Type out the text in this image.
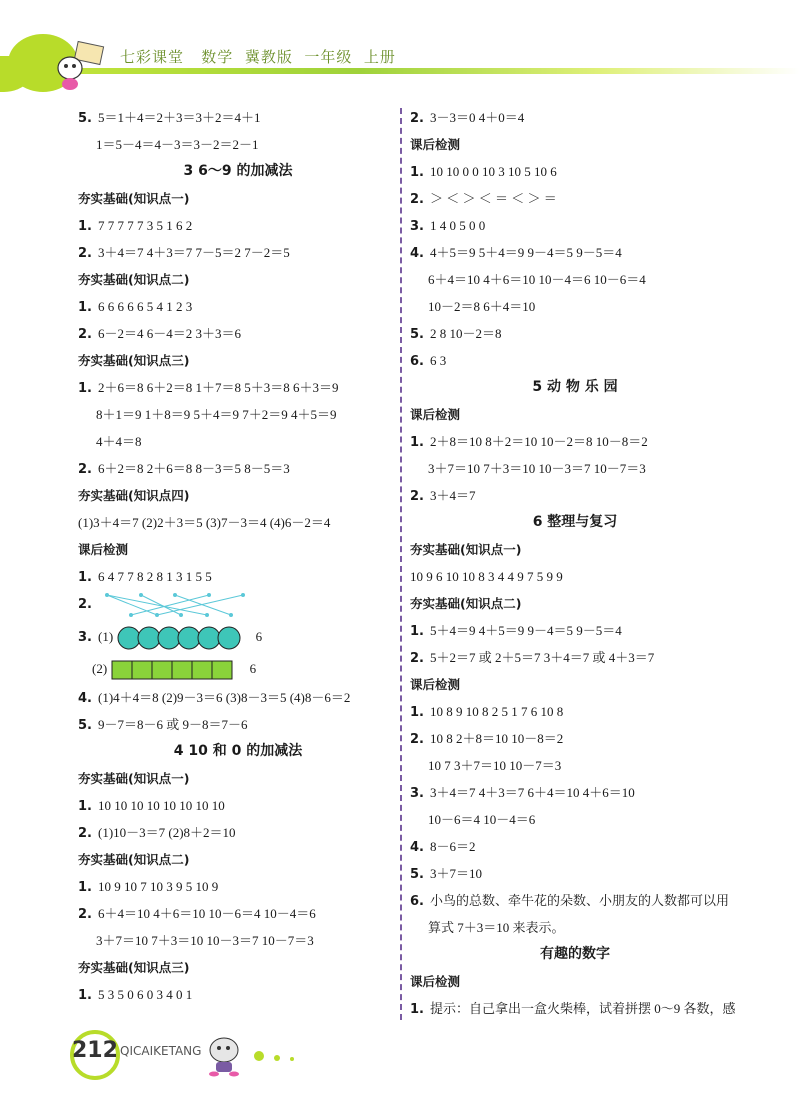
七彩课堂   数学  冀教版  一年级  上册
5. 5＝1＋4＝2＋3＝3＋2＝4＋1
1＝5－4＝4－3＝3－2＝2－1
3 6～9 的加减法
夯实基础(知识点一)
1. 7 7 7 7 7 3 5 1 6 2
2. 3＋4＝7 4＋3＝7 7－5＝2 7－2＝5
夯实基础(知识点二)
1. 6 6 6 6 6 5 4 1 2 3
2. 6－2＝4 6－4＝2 3＋3＝6
夯实基础(知识点三)
1. 2＋6＝8 6＋2＝8 1＋7＝8 5＋3＝8 6＋3＝9
8＋1＝9 1＋8＝9 5＋4＝9 7＋2＝9 4＋5＝9
4＋4＝8
2. 6＋2＝8 2＋6＝8 8－3＝5 8－5＝3
夯实基础(知识点四)
(1)3＋4＝7 (2)2＋3＝5 (3)7－3＝4 (4)6－2＝4
课后检测
1. 6 4 7 7 8 2 8 1 3 1 5 5
2.
3. (1)	6
(2)	6
4. (1)4＋4＝8 (2)9－3＝6 (3)8－3＝5 (4)8－6＝2
5. 9－7＝8－6 或 9－8＝7－6
4 10 和 0 的加减法
夯实基础(知识点一)
1. 10 10 10 10 10 10 10 10
2. (1)10－3＝7 (2)8＋2＝10
夯实基础(知识点二)
1. 10 9 10 7 10 3 9 5 10 9
2. 6＋4＝10 4＋6＝10 10－6＝4 10－4＝6
3＋7＝10 7＋3＝10 10－3＝7 10－7＝3
夯实基础(知识点三)
1. 5 3 5 0 6 0 3 4 0 1
2. 3－3＝0 4＋0＝4
课后检测
1. 10 10 0 0 10 3 10 5 10 6
2. ＞ ＜ ＞ ＜ ＝ ＜ ＞ ＝
3. 1 4 0 5 0 0
4. 4＋5＝9 5＋4＝9 9－4＝5 9－5＝4
6＋4＝10 4＋6＝10 10－4＝6 10－6＝4
10－2＝8 6＋4＝10
5. 2 8 10－2＝8
6. 6 3
5 动 物 乐 园
课后检测
1. 2＋8＝10 8＋2＝10 10－2＝8 10－8＝2
3＋7＝10 7＋3＝10 10－3＝7 10－7＝3
2. 3＋4＝7
6 整理与复习
夯实基础(知识点一)
10 9 6 10 10 8 3 4 4 9 7 5 9 9
夯实基础(知识点二)
1. 5＋4＝9 4＋5＝9 9－4＝5 9－5＝4
2. 5＋2＝7 或 2＋5＝7 3＋4＝7 或 4＋3＝7
课后检测
1. 10 8 9 10 8 2 5 1 7 6 10 8
2. 10 8 2＋8＝10 10－8＝2
10 7 3＋7＝10 10－7＝3
3. 3＋4＝7 4＋3＝7 6＋4＝10 4＋6＝10
10－6＝4 10－4＝6
4. 8－6＝2
5. 3＋7＝10
6. 小鸟的总数、牵牛花的朵数、小朋友的人数都可以用
算式 7＋3＝10 来表示。
有趣的数字
课后检测
1. 提示：自己拿出一盒火柴棒，试着拼摆 0～9 各数，感
212 QICAIKETANG
